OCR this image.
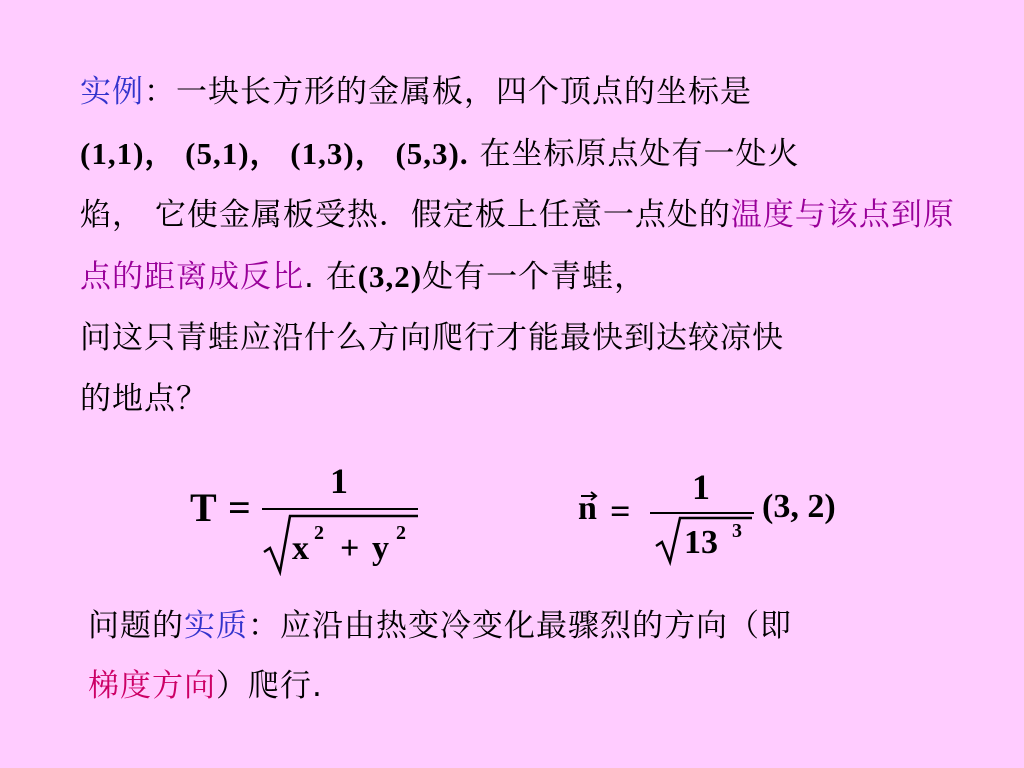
实例：一块长方形的金属板，四个顶点的坐标是
(1,1)， (5,1)， (1,3)， (5,3). 在坐标原点处有一处火
焰， 它使金属板受热．假定板上任意一点处的温度与该点到原点的距离成反比. 在(3,2)处有一个青蛙，
问这只青蛙应沿什么方向爬行才能最快到达较凉快
的地点？
T =
1
x 2 + y 2
n =
1
13 3
(3, 2)
问题的实质：应沿由热变冷变化最骤烈的方向（即
梯度方向）爬行.
